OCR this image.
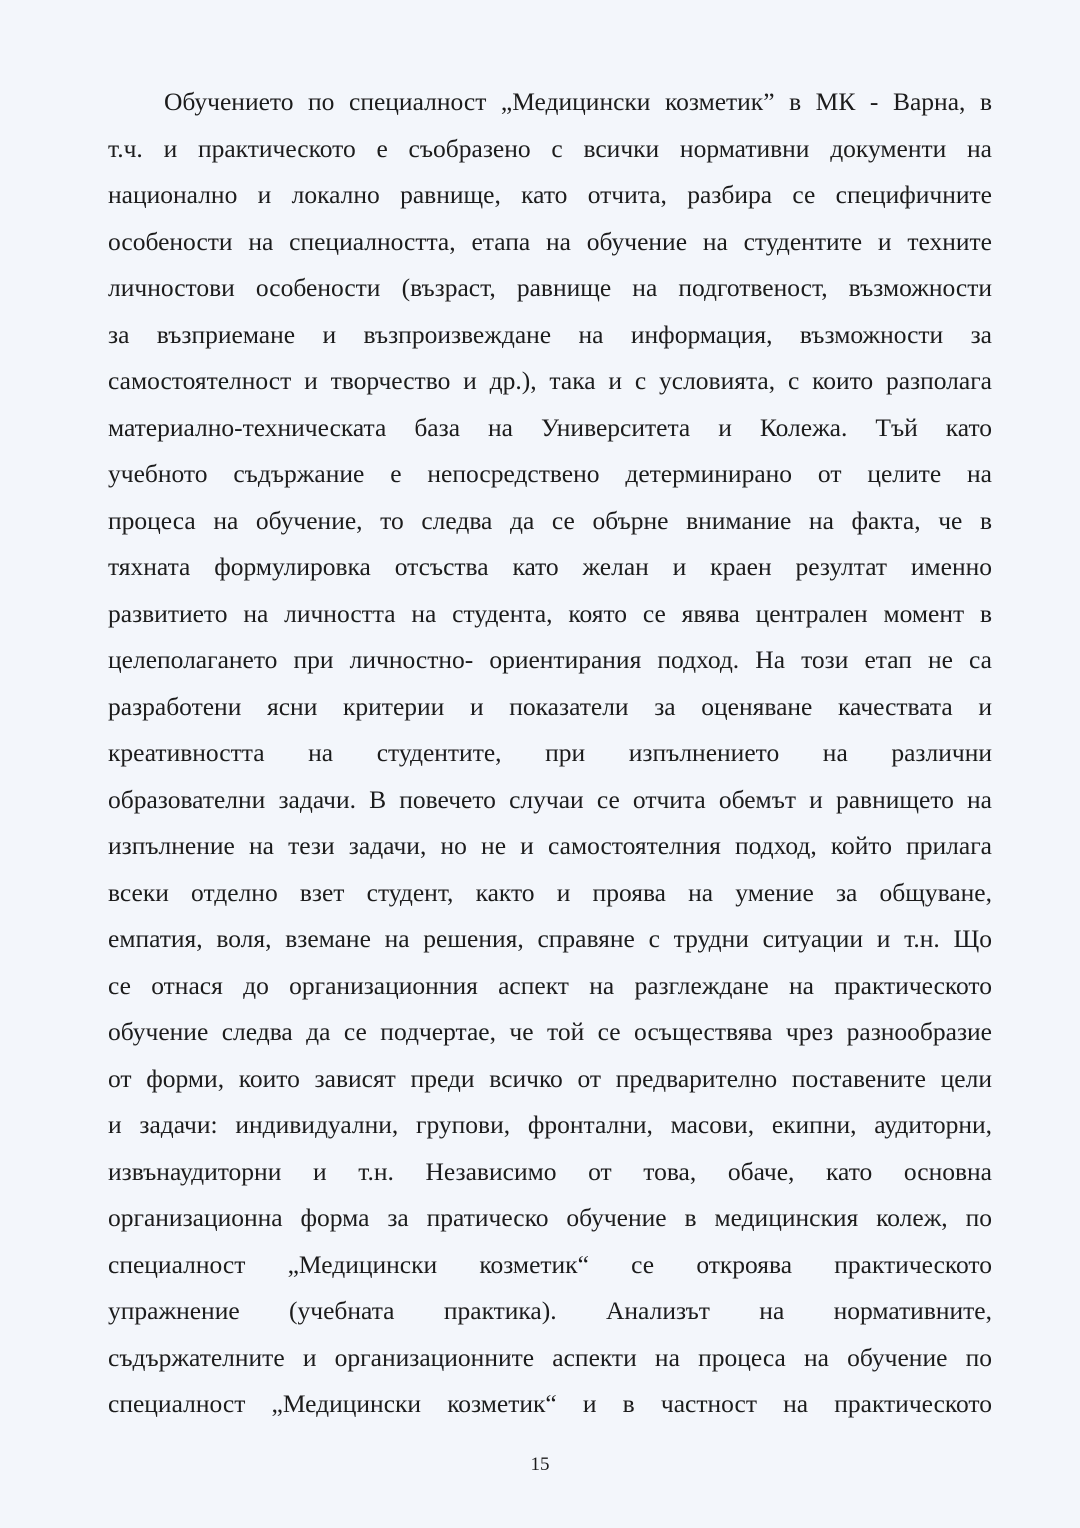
Обучението по специалност „Медицински козметик” в МК - Варна, в
т.ч. и практическото е съобразено с всички нормативни документи на
национално и локално равнище, като отчита, разбира се специфичните
особености на специалността, етапа на обучение на студентите и техните
личностови особености (възраст, равнище на подготвеност, възможности
за възприемане и възпроизвеждане на информация, възможности за
самостоятелност и творчество и др.), така и с условията, с които разполага
материално-техническата база на Университета и Колежа. Тъй като
учебното съдържание е непосредствено детерминирано от целите на
процеса на обучение, то следва да се обърне внимание на факта, че в
тяхната формулировка отсъства като желан и краен резултат именно
развитието на личността на студента, която се явява централен момент в
целеполагането при личностно- ориентирания подход. На този етап не са
разработени ясни критерии и показатели за оценяване качествата и
креативността на студентите, при изпълнението на различни
образователни задачи. В повечето случаи се отчита обемът и равнището на
изпълнение на тези задачи, но не и самостоятелния подход, който прилага
всеки отделно взет студент, както и проява на умение за общуване,
емпатия, воля, вземане на решения, справяне с трудни ситуации и т.н. Що
се отнася до организационния аспект на разглеждане на практическото
обучение следва да се подчертае, че той се осъществява чрез разнообразие
от форми, които зависят преди всичко от предварително поставените цели
и задачи: индивидуални, групови, фронтални, масови, екипни, аудиторни,
извънаудиторни и т.н. Независимо от това, обаче, като основна
организационна форма за пратическо обучение в медицинския колеж, по
специалност „Медицински козметик“ се откроява практическото
упражнение (учебната практика). Анализът на нормативните,
съдържателните и организационните аспекти на процеса на обучение по
специалност „Медицински козметик“ и в частност на практическото
15
